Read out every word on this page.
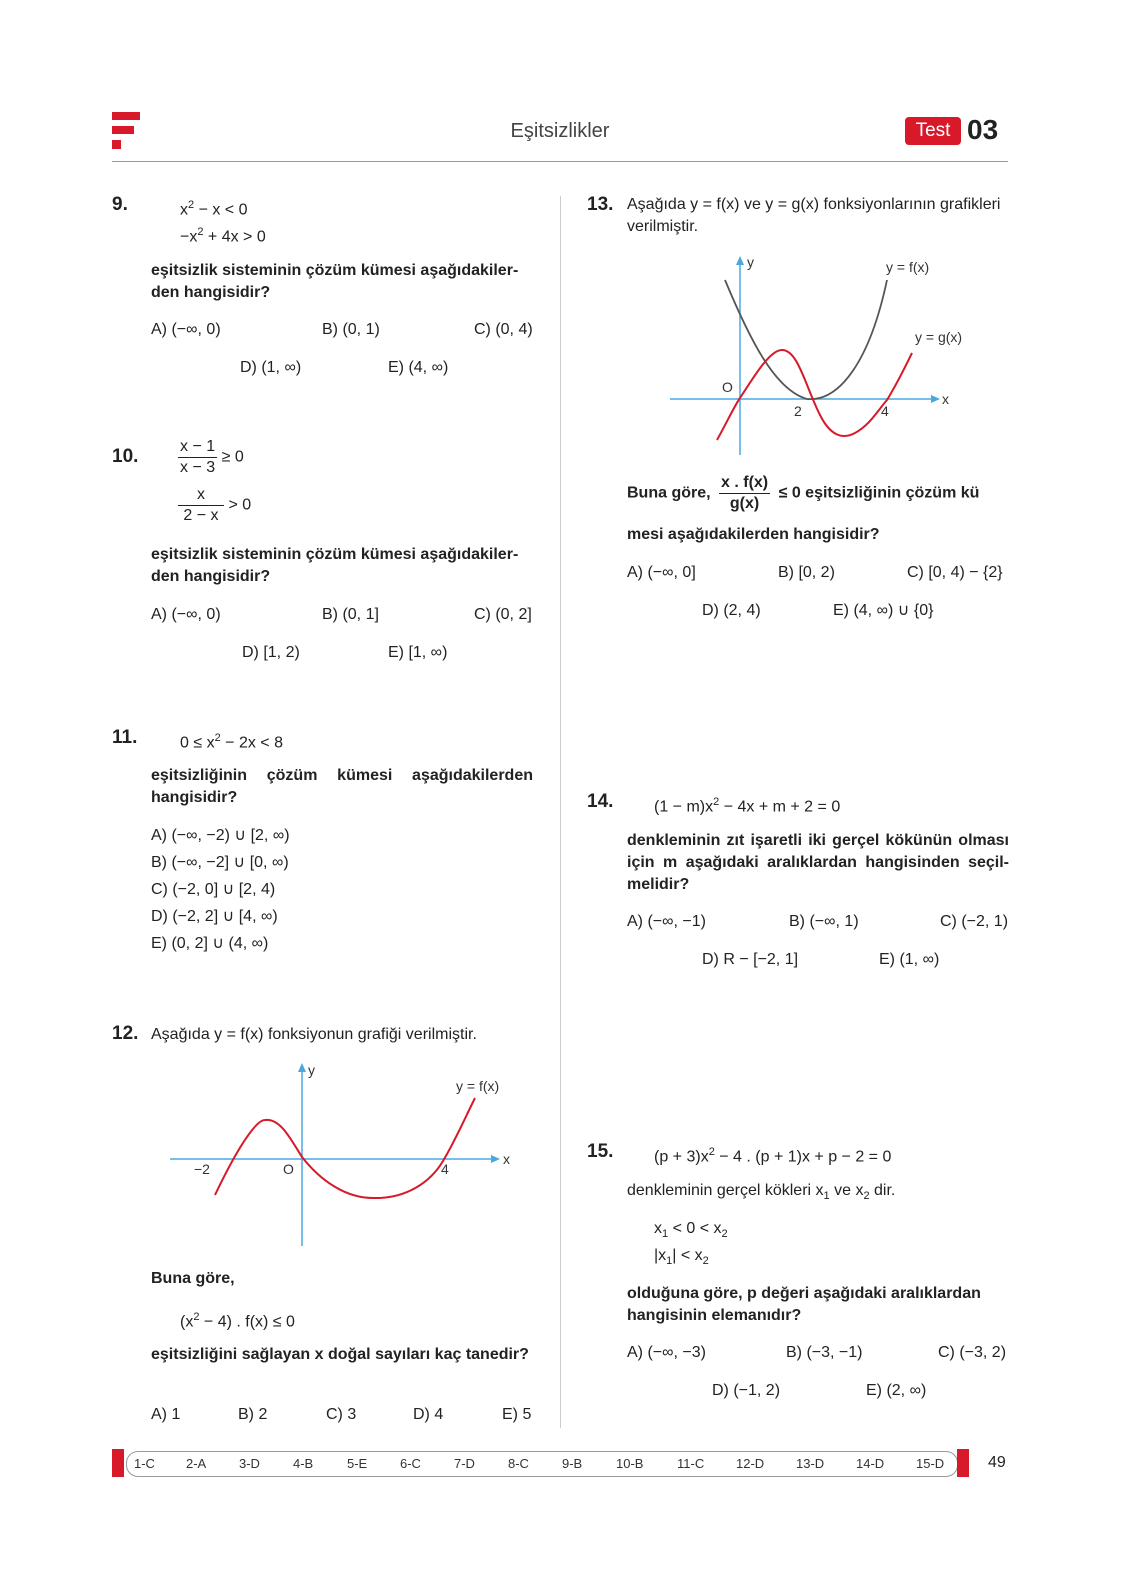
Eşitsizlikler	Test 03
9.	$x^2 - x < 0$
$-x^2 + 4x > 0$
eşitsizlik sisteminin çözüm kümesi aşağıdakilerden hangisidir?
A) (−∞, 0)	B) (0, 1)	C) (0, 4)
D) (1, ∞)	E) (4, ∞)
10. $\frac{x - 1}{x - 3} \ge 0$
$\frac{x}{2 - x} > 0$
eşitsizlik sisteminin çözüm kümesi aşağıdakilerden hangisidir?
A) (−∞, 0)	B) (0, 1]	C) (0, 2]
D) [1, 2)	E) [1, ∞)
11.	$0 \le x^2 - 2x < 8$
eşitsizliğinin çözüm kümesi aşağıdakilerden hangisidir?
A) (−∞, −2) ∪ [2, ∞)
B) (−∞, −2] ∪ [0, ∞)
C) (−2, 0] ∪ [2, 4)
D) (−2, 2] ∪ [4, ∞)
E) (0, 2] ∪ (4, ∞)
12. Aşağıda y = f(x) fonksiyonun grafiği verilmiştir.
y
x
O
−2	4
y = f(x)
Buna göre,
$(x^2 - 4)$ . f(x) ≤ 0
eşitsizliğini sağlayan x doğal sayıları kaç tanedir?
A) 1	B) 2	C) 3	D) 4	E) 5
13. Aşağıda y = f(x) ve y = g(x) fonksiyonlarının grafikleri verilmiştir.
y
x
O
2	4
y = f(x)
y = g(x)
Buna göre, $\frac{x . f(x)}{g(x)} \le 0$ eşitsizliğinin çözüm kü
mesi aşağıdakilerden hangisidir?
A) (−∞, 0]	B) [0, 2)	C) [0, 4) − {2}
D) (2, 4)	E) (4, ∞) ∪ {0}
14.	$(1 - m)x^2 - 4x + m + 2 = 0$
denkleminin zıt işaretli iki gerçel kökünün olması için m aşağıdaki aralıklardan hangisinden seçilmelidir?
A) (−∞, −1)	B) (−∞, 1)	C) (−2, 1)
D) R − [−2, 1]	E) (1, ∞)
15.	$(p + 3)x^2 - 4$ . (p + 1)x + p − 2 = 0
denkleminin gerçel kökleri $x_1$ ve $x_2$ dir.
$x_1 < 0 < x_2$
$|x_1| < x_2$
olduğuna göre, p değeri aşağıdaki aralıklardan hangisinin elemanıdır?
A) (−∞, −3)	B) (−3, −1)	C) (−3, 2)
D) (−1, 2)	E) (2, ∞)
1-C 2-A	3-D	4-B	5-E	6-C	7-D	8-C	9-B	10-B	11-C 12-D 13-D 14-D 15-D	49
